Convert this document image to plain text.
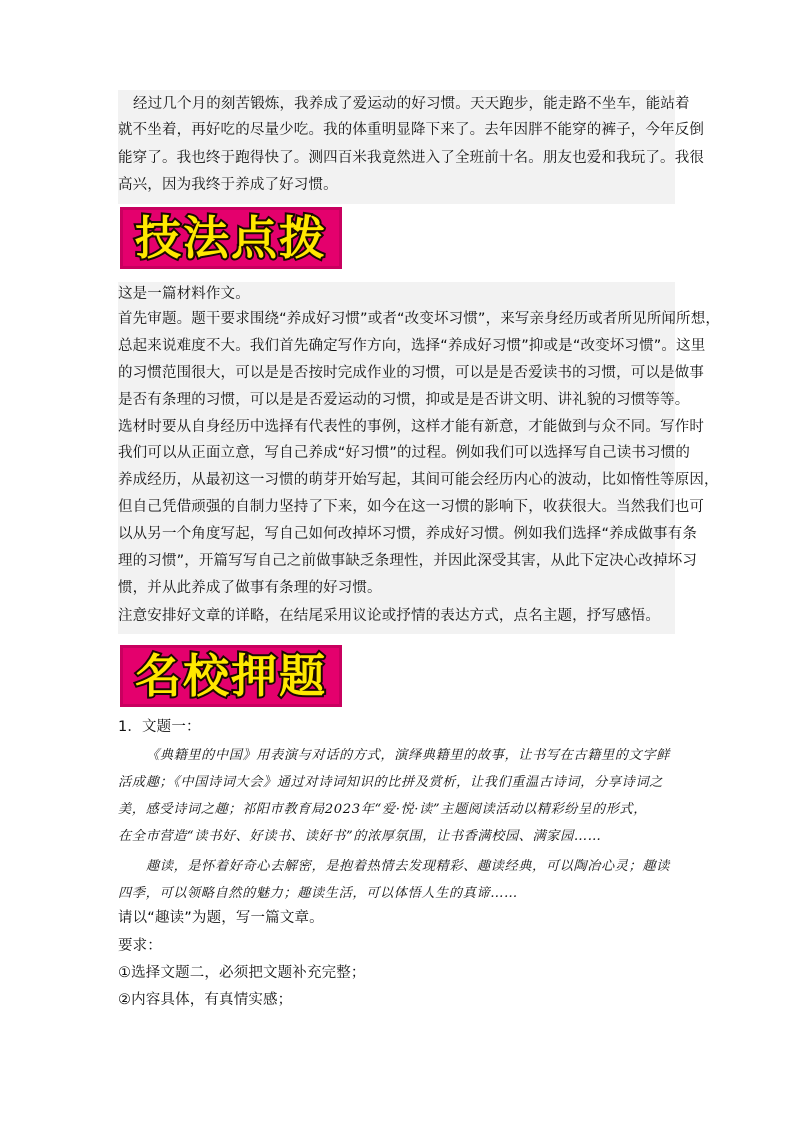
经过几个月的刻苦锻炼，我养成了爱运动的好习惯。天天跑步，能走路不坐车，能站着
就不坐着，再好吃的尽量少吃。我的体重明显降下来了。去年因胖不能穿的裤子，今年反倒
能穿了。我也终于跑得快了。测四百米我竟然进入了全班前十名。朋友也爱和我玩了。我很
高兴，因为我终于养成了好习惯。
技法点拨
这是一篇材料作文。
首先审题。题干要求围绕“养成好习惯”或者“改变坏习惯”，来写亲身经历或者所见所闻所想，
总起来说难度不大。我们首先确定写作方向，选择“养成好习惯”抑或是“改变坏习惯”。这里
的习惯范围很大，可以是是否按时完成作业的习惯，可以是是否爱读书的习惯，可以是做事
是否有条理的习惯，可以是是否爱运动的习惯，抑或是是否讲文明、讲礼貌的习惯等等。
选材时要从自身经历中选择有代表性的事例，这样才能有新意，才能做到与众不同。写作时
我们可以从正面立意，写自己养成“好习惯”的过程。例如我们可以选择写自己读书习惯的
养成经历，从最初这一习惯的萌芽开始写起，其间可能会经历内心的波动，比如惰性等原因，
但自己凭借顽强的自制力坚持了下来，如今在这一习惯的影响下，收获很大。当然我们也可
以从另一个角度写起，写自己如何改掉坏习惯，养成好习惯。例如我们选择“养成做事有条
理的习惯”，开篇写写自己之前做事缺乏条理性，并因此深受其害，从此下定决心改掉坏习
惯，并从此养成了做事有条理的好习惯。
注意安排好文章的详略，在结尾采用议论或抒情的表达方式，点名主题，抒写感悟。
名校押题
1．文题一：
《典籍里的中国》用表演与对话的方式，演绎典籍里的故事，让书写在古籍里的文字鲜
活成趣；《中国诗词大会》通过对诗词知识的比拼及赏析，让我们重温古诗词，分享诗词之
美，感受诗词之趣；祁阳市教育局2023年“爱·悦·读”主题阅读活动以精彩纷呈的形式，
在全市营造“读书好、好读书、读好书”的浓厚氛围，让书香满校园、满家园……
趣读，是怀着好奇心去解密，是抱着热情去发现精彩、趣读经典，可以陶冶心灵；趣读
四季，可以领略自然的魅力；趣读生活，可以体悟人生的真谛……
请以“趣读”为题，写一篇文章。
要求：
①选择文题二，必须把文题补充完整；
②内容具体，有真情实感；
